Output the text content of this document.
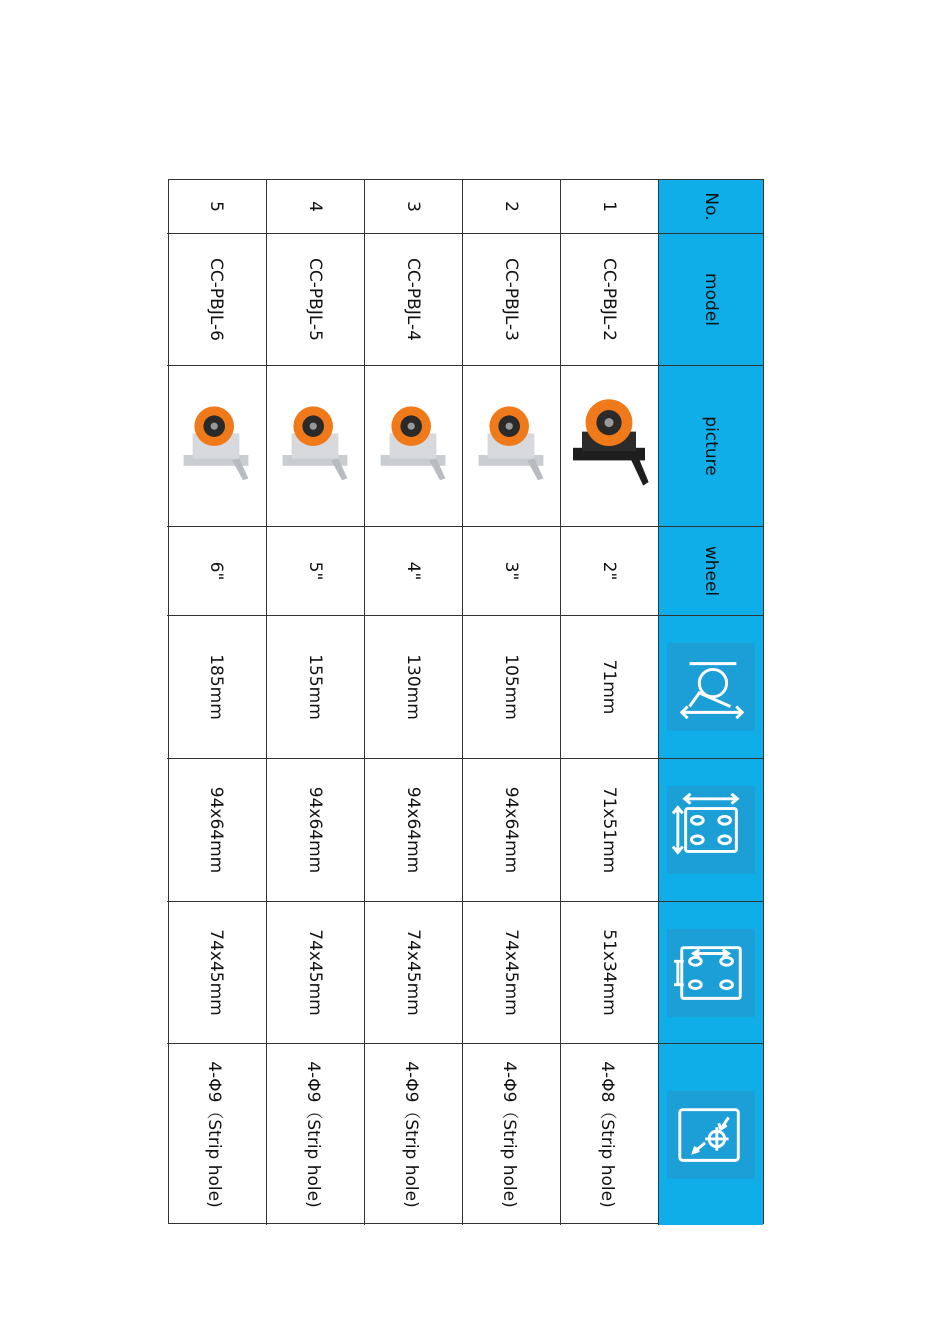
No.
model
picture
wheel
1
CC-PBJL-2
2"
71mm
71x51mm
51x34mm
4-Φ8（Strip hole)
2
CC-PBJL-3
3"
105mm
94x64mm
74x45mm
4-Φ9（Strip hole)
3
CC-PBJL-4
4"
130mm
94x64mm
74x45mm
4-Φ9（Strip hole)
4
CC-PBJL-5
5"
155mm
94x64mm
74x45mm
4-Φ9（Strip hole)
5
CC-PBJL-6
6"
185mm
94x64mm
74x45mm
4-Φ9（Strip hole)
